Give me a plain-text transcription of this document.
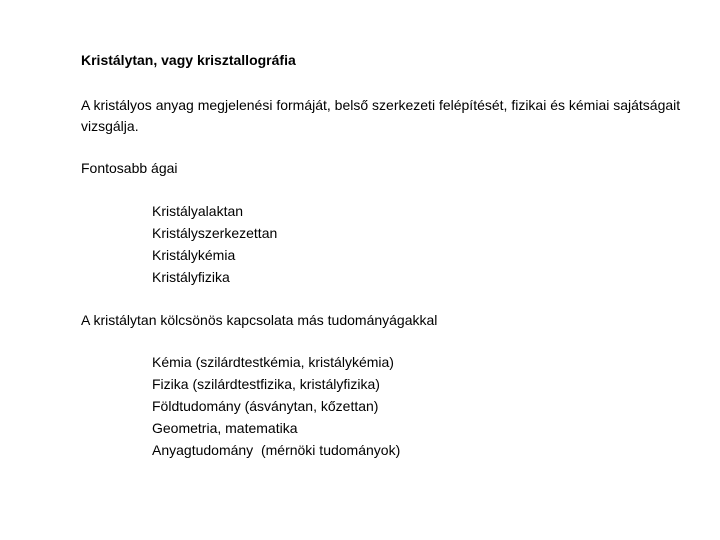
Kristálytan, vagy krisztallográfia
A kristályos anyag megjelenési formáját, belső szerkezeti felépítését, fizikai és kémiai sajátságait vizsgálja.
Fontosabb ágai
Kristályalaktan
Kristályszerkezettan
Kristálykémia
Kristályfizika
A kristálytan kölcsönös kapcsolata más tudományágakkal
Kémia (szilárdtestkémia, kristálykémia)
Fizika (szilárdtestfizika, kristályfizika)
Földtudomány (ásványtan, kőzettan)
Geometria, matematika
Anyagtudomány  (mérnöki tudományok)
